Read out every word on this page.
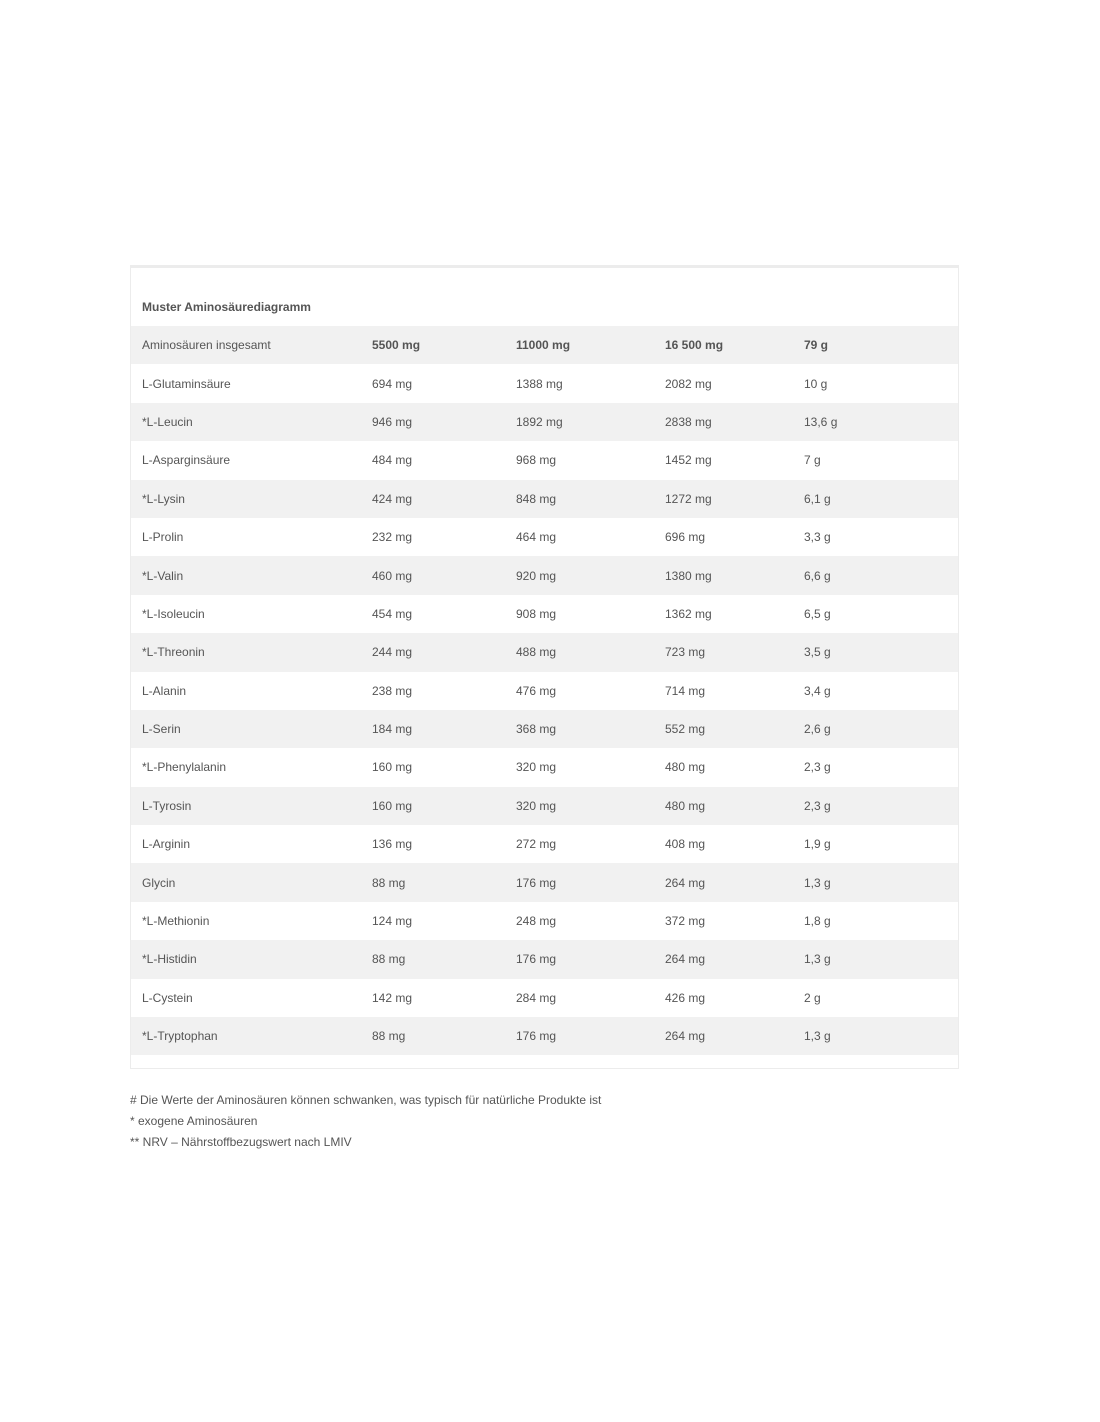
Muster Aminosäurediagramm
Aminosäuren insgesamt	5500 mg	11000 mg	16 500 mg	79 g
L-Glutaminsäure	694 mg	1388 mg	2082 mg	10 g
*L-Leucin	946 mg	1892 mg	2838 mg	13,6 g
L-Asparginsäure	484 mg	968 mg	1452 mg	7 g
*L-Lysin	424 mg	848 mg	1272 mg	6,1 g
L-Prolin	232 mg	464 mg	696 mg	3,3 g
*L-Valin	460 mg	920 mg	1380 mg	6,6 g
*L-Isoleucin	454 mg	908 mg	1362 mg	6,5 g
*L-Threonin	244 mg	488 mg	723 mg	3,5 g
L-Alanin	238 mg	476 mg	714 mg	3,4 g
L-Serin	184 mg	368 mg	552 mg	2,6 g
*L-Phenylalanin	160 mg	320 mg	480 mg	2,3 g
L-Tyrosin	160 mg	320 mg	480 mg	2,3 g
L-Arginin	136 mg	272 mg	408 mg	1,9 g
Glycin	88 mg	176 mg	264 mg	1,3 g
*L-Methionin	124 mg	248 mg	372 mg	1,8 g
*L-Histidin	88 mg	176 mg	264 mg	1,3 g
L-Cystein	142 mg	284 mg	426 mg	2 g
*L-Tryptophan	88 mg	176 mg	264 mg	1,3 g
# Die Werte der Aminosäuren können schwanken, was typisch für natürliche Produkte ist
* exogene Aminosäuren
** NRV – Nährstoffbezugswert nach LMIV
